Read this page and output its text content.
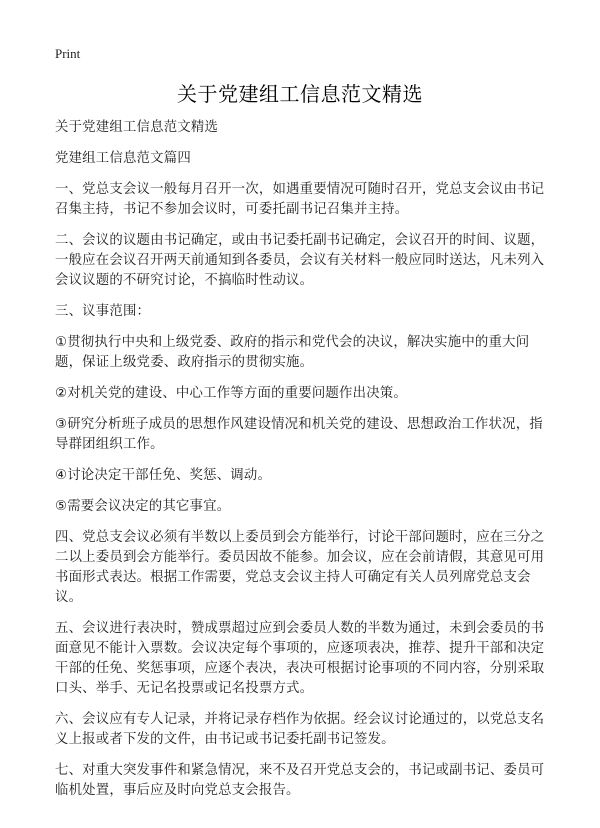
Print
关于党建组工信息范文精选

关于党建组工信息范文精选

党建组工信息范文篇四

一、党总支会议一般每月召开一次，如遇重要情况可随时召开，党总支会议由书记召集主持，书记不参加会议时，可委托副书记召集并主持。

二、会议的议题由书记确定，或由书记委托副书记确定，会议召开的时间、议题，一般应在会议召开两天前通知到各委员，会议有关材料一般应同时送达，凡未列入会议议题的不研究讨论，不搞临时性动议。

三、议事范围：

①贯彻执行中央和上级党委、政府的指示和党代会的决议，解决实施中的重大问题，保证上级党委、政府指示的贯彻实施。

②对机关党的建设、中心工作等方面的重要问题作出决策。

③研究分析班子成员的思想作风建设情况和机关党的建设、思想政治工作状况，指导群团组织工作。

④讨论决定干部任免、奖惩、调动。

⑤需要会议决定的其它事宜。

四、党总支会议必须有半数以上委员到会方能举行，讨论干部问题时，应在三分之二以上委员到会方能举行。委员因故不能参。加会议，应在会前请假，其意见可用书面形式表达。根据工作需要，党总支会议主持人可确定有关人员列席党总支会议。

五、会议进行表决时，赞成票超过应到会委员人数的半数为通过，未到会委员的书面意见不能计入票数。会议决定每个事项的，应逐项表决，推荐、提升干部和决定干部的任免、奖惩事项，应逐个表决，表决可根据讨论事项的不同内容，分别采取口头、举手、无记名投票或记名投票方式。

六、会议应有专人记录，并将记录存档作为依据。经会议讨论通过的，以党总支名义上报或者下发的文件，由书记或书记委托副书记签发。

七、对重大突发事件和紧急情况，来不及召开党总支会的，书记或副书记、委员可临机处置，事后应及时向党总支会报告。
